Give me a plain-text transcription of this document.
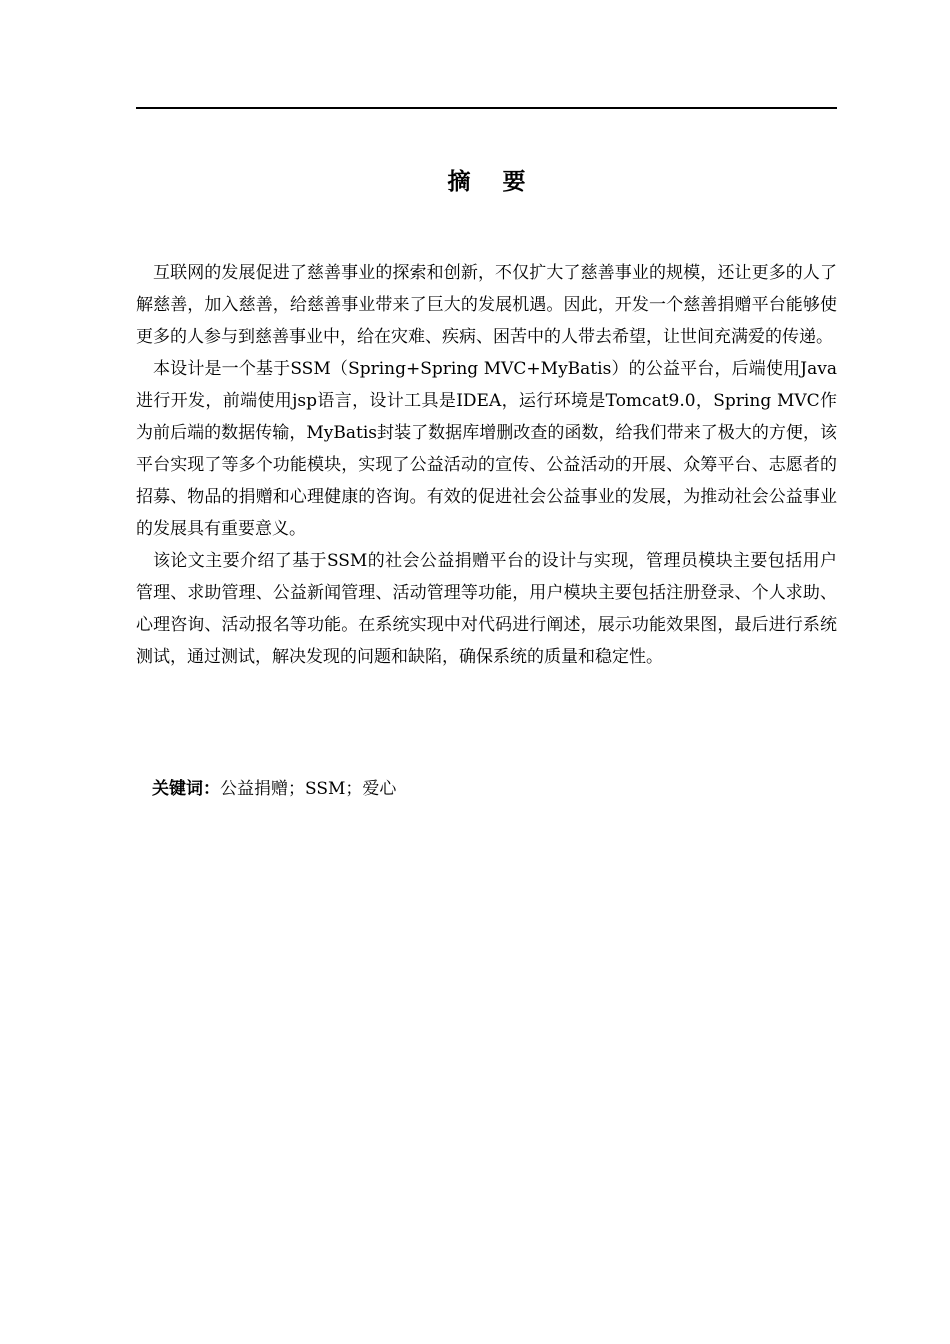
摘 要

互联网的发展促进了慈善事业的探索和创新，不仅扩大了慈善事业的规模，还让更多的人了解慈善，加入慈善，给慈善事业带来了巨大的发展机遇。因此，开发一个慈善捐赠平台能够使更多的人参与到慈善事业中，给在灾难、疾病、困苦中的人带去希望，让世间充满爱的传递。

本设计是一个基于SSM（Spring+Spring MVC+MyBatis）的公益平台，后端使用Java进行开发，前端使用jsp语言，设计工具是IDEA，运行环境是Tomcat9.0，Spring MVC作为前后端的数据传输，MyBatis封装了数据库增删改查的函数，给我们带来了极大的方便，该平台实现了等多个功能模块，实现了公益活动的宣传、公益活动的开展、众筹平台、志愿者的招募、物品的捐赠和心理健康的咨询。有效的促进社会公益事业的发展，为推动社会公益事业的发展具有重要意义。

该论文主要介绍了基于SSM的社会公益捐赠平台的设计与实现，管理员模块主要包括用户管理、求助管理、公益新闻管理、活动管理等功能，用户模块主要包括注册登录、个人求助、心理咨询、活动报名等功能。在系统实现中对代码进行阐述，展示功能效果图，最后进行系统测试，通过测试，解决发现的问题和缺陷，确保系统的质量和稳定性。

关键词：公益捐赠；SSM；爱心
